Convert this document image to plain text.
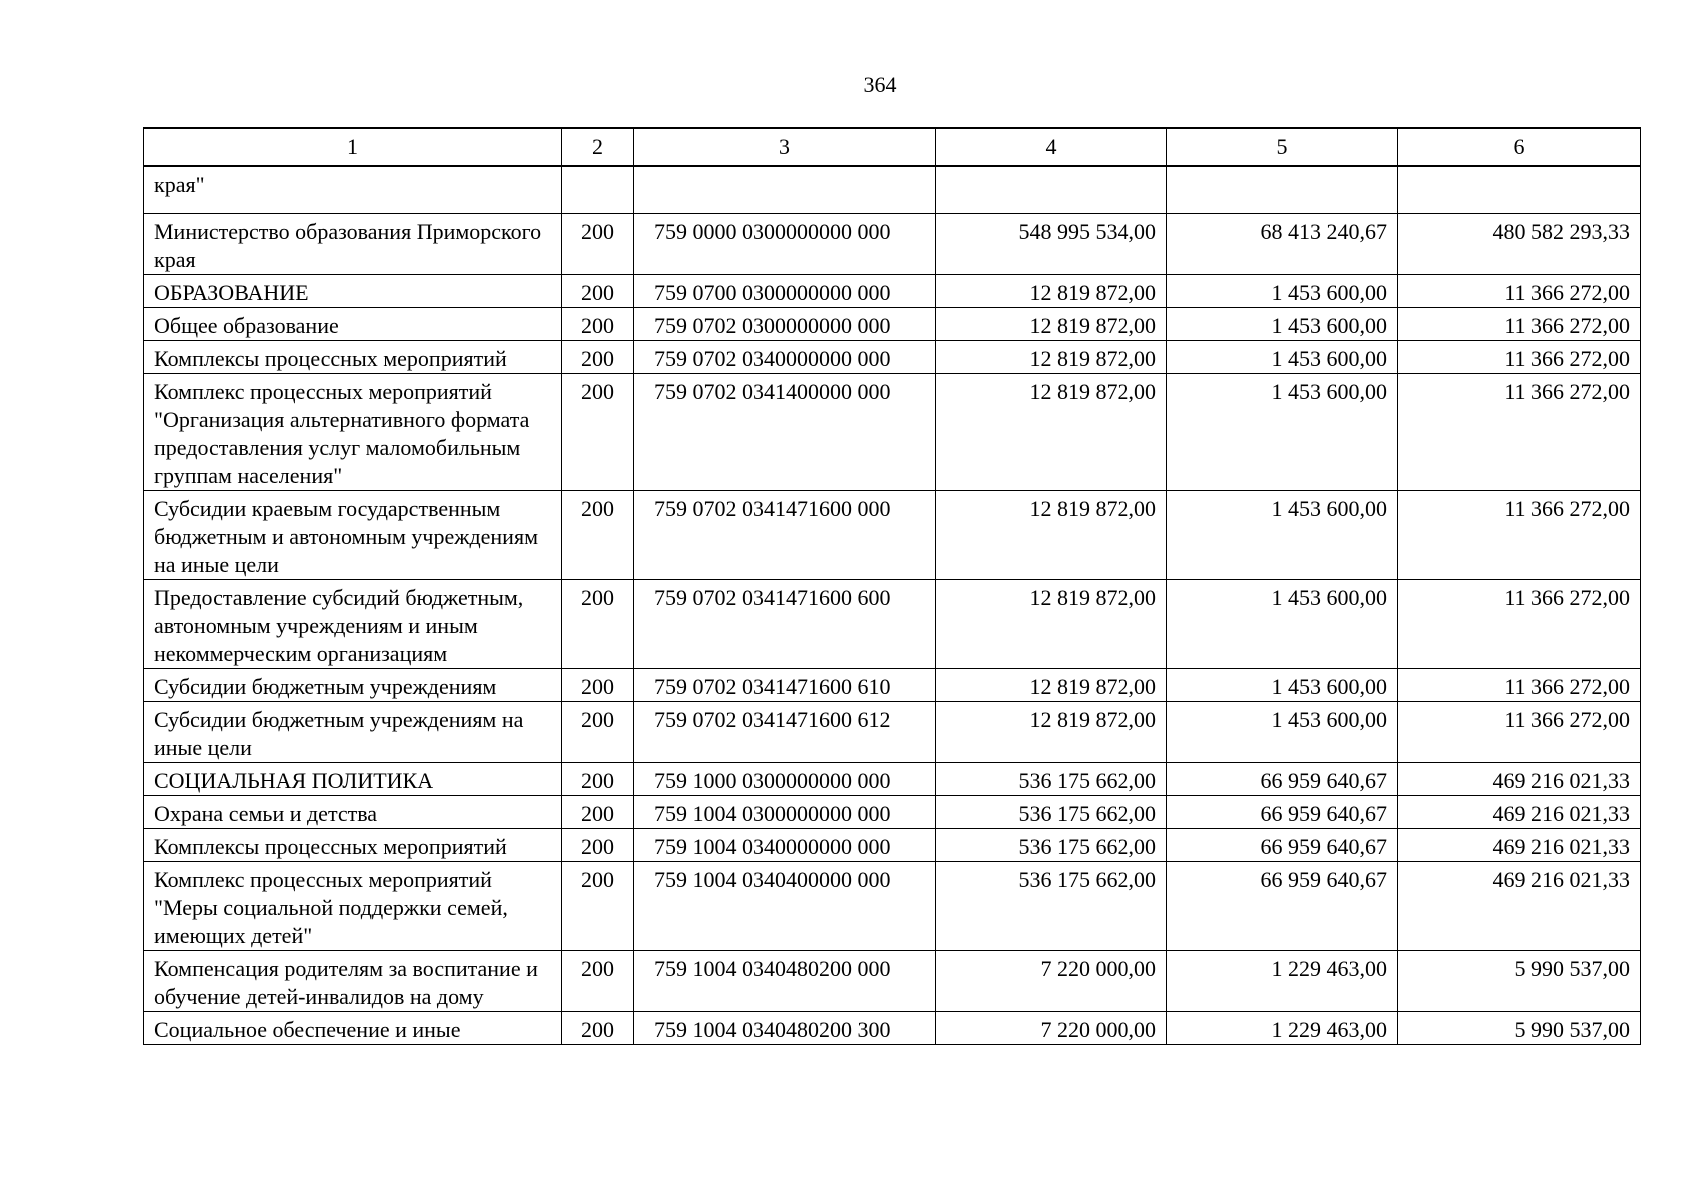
364
1	2	3	4	5	6
края"					
Министерство образования Приморского края	200	759 0000 0300000000 000	548 995 534,00	68 413 240,67	480 582 293,33
ОБРАЗОВАНИЕ	200	759 0700 0300000000 000	12 819 872,00	1 453 600,00	11 366 272,00
Общее образование	200	759 0702 0300000000 000	12 819 872,00	1 453 600,00	11 366 272,00
Комплексы процессных мероприятий	200	759 0702 0340000000 000	12 819 872,00	1 453 600,00	11 366 272,00
Комплекс процессных мероприятий "Организация альтернативного формата предоставления услуг маломобильным группам населения"	200	759 0702 0341400000 000	12 819 872,00	1 453 600,00	11 366 272,00
Субсидии краевым государственным бюджетным и автономным учреждениям на иные цели	200	759 0702 0341471600 000	12 819 872,00	1 453 600,00	11 366 272,00
Предоставление субсидий бюджетным, автономным учреждениям и иным некоммерческим организациям	200	759 0702 0341471600 600	12 819 872,00	1 453 600,00	11 366 272,00
Субсидии бюджетным учреждениям	200	759 0702 0341471600 610	12 819 872,00	1 453 600,00	11 366 272,00
Субсидии бюджетным учреждениям на иные цели	200	759 0702 0341471600 612	12 819 872,00	1 453 600,00	11 366 272,00
СОЦИАЛЬНАЯ ПОЛИТИКА	200	759 1000 0300000000 000	536 175 662,00	66 959 640,67	469 216 021,33
Охрана семьи и детства	200	759 1004 0300000000 000	536 175 662,00	66 959 640,67	469 216 021,33
Комплексы процессных мероприятий	200	759 1004 0340000000 000	536 175 662,00	66 959 640,67	469 216 021,33
Комплекс процессных мероприятий "Меры социальной поддержки семей, имеющих детей"	200	759 1004 0340400000 000	536 175 662,00	66 959 640,67	469 216 021,33
Компенсация родителям за воспитание и обучение детей-инвалидов на дому	200	759 1004 0340480200 000	7 220 000,00	1 229 463,00	5 990 537,00
Социальное обеспечение и иные	200	759 1004 0340480200 300	7 220 000,00	1 229 463,00	5 990 537,00
